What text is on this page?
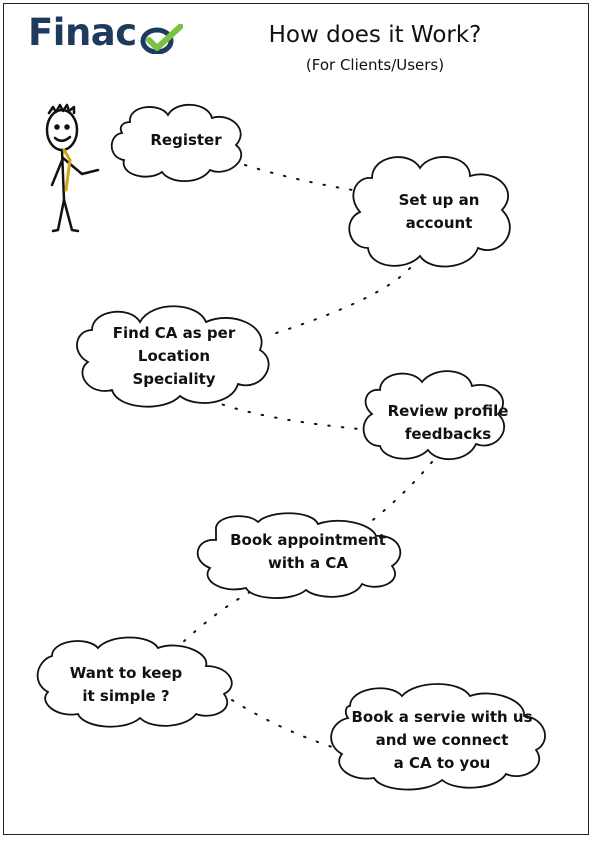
Finac	How does it Work?
(For Clients/Users)
Register
Set up an
account
Find CA as per
Location
Speciality
Review profile
feedbacks
Book appointment
with a CA
Want to keep
it simple ?
Book a servie with us
and we connect
a CA to you
